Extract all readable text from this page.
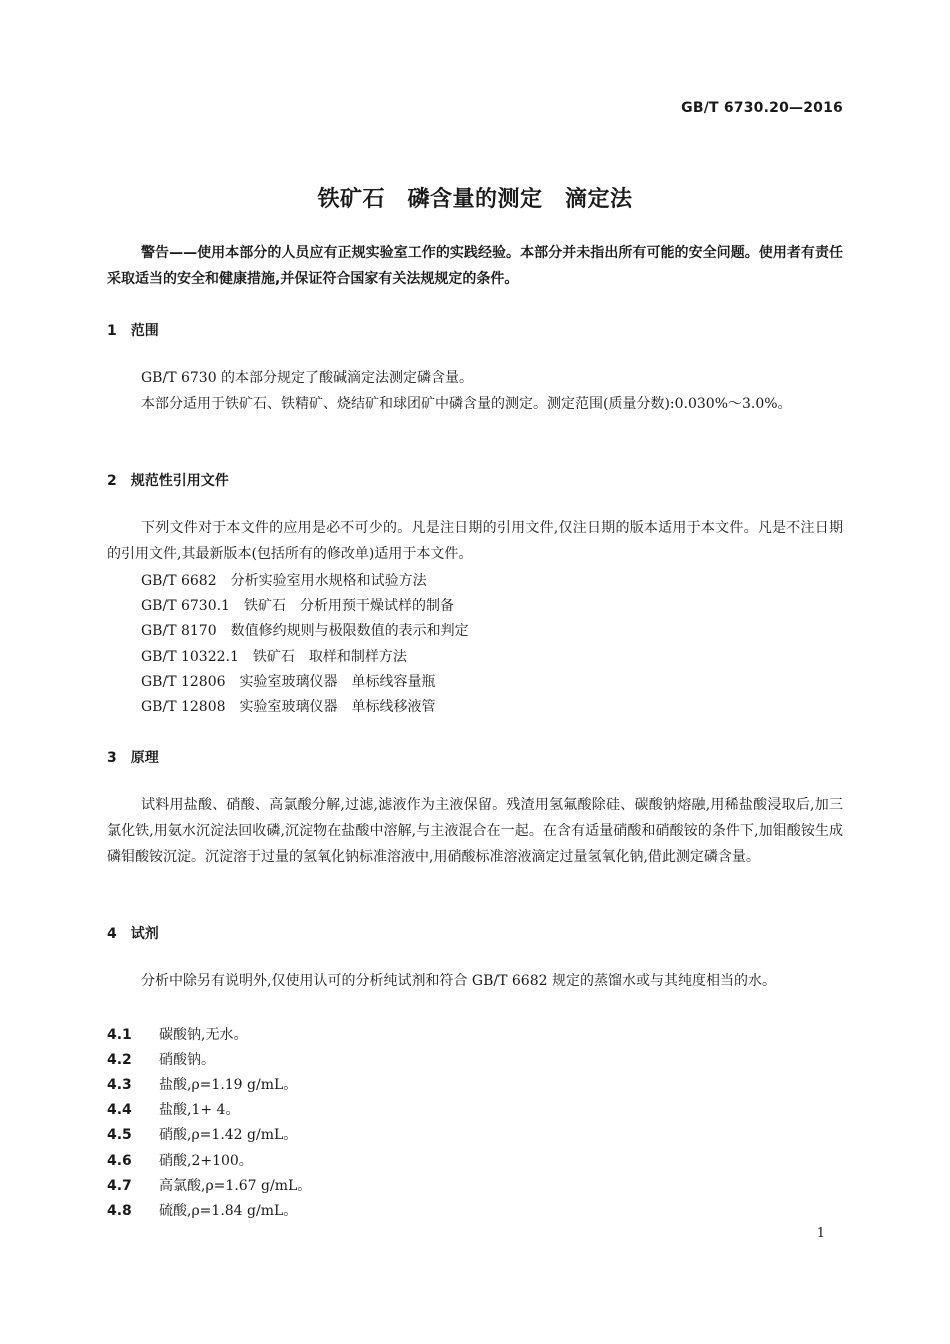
GB/T 6730.20—2016
铁矿石　磷含量的测定　滴定法

警告——使用本部分的人员应有正规实验室工作的实践经验。本部分并未指出所有可能的安全问题。使用者有责任采取适当的安全和健康措施,并保证符合国家有关法规规定的条件。

1　范围

GB/T 6730 的本部分规定了酸碱滴定法测定磷含量。

本部分适用于铁矿石、铁精矿、烧结矿和球团矿中磷含量的测定。测定范围(质量分数):0.030%～3.0%。

2　规范性引用文件

下列文件对于本文件的应用是必不可少的。凡是注日期的引用文件,仅注日期的版本适用于本文件。凡是不注日期的引用文件,其最新版本(包括所有的修改单)适用于本文件。

GB/T 6682　分析实验室用水规格和试验方法
GB/T 6730.1　铁矿石　分析用预干燥试样的制备
GB/T 8170　数值修约规则与极限数值的表示和判定
GB/T 10322.1　铁矿石　取样和制样方法
GB/T 12806　实验室玻璃仪器　单标线容量瓶
GB/T 12808　实验室玻璃仪器　单标线移液管
3　原理

试料用盐酸、硝酸、高氯酸分解,过滤,滤液作为主液保留。残渣用氢氟酸除硅、碳酸钠熔融,用稀盐酸浸取后,加三氯化铁,用氨水沉淀法回收磷,沉淀物在盐酸中溶解,与主液混合在一起。在含有适量硝酸和硝酸铵的条件下,加钼酸铵生成磷钼酸铵沉淀。沉淀溶于过量的氢氧化钠标准溶液中,用硝酸标准溶液滴定过量氢氧化钠,借此测定磷含量。

4　试剂

分析中除另有说明外,仅使用认可的分析纯试剂和符合 GB/T 6682 规定的蒸馏水或与其纯度相当的水。

4.1 碳酸钠,无水。
4.2 硝酸钠。
4.3 盐酸,ρ=1.19 g/mL。
4.4 盐酸,1+ 4。
4.5 硝酸,ρ=1.42 g/mL。
4.6 硝酸,2+100。
4.7 高氯酸,ρ=1.67 g/mL。
4.8 硫酸,ρ=1.84 g/mL。
1
